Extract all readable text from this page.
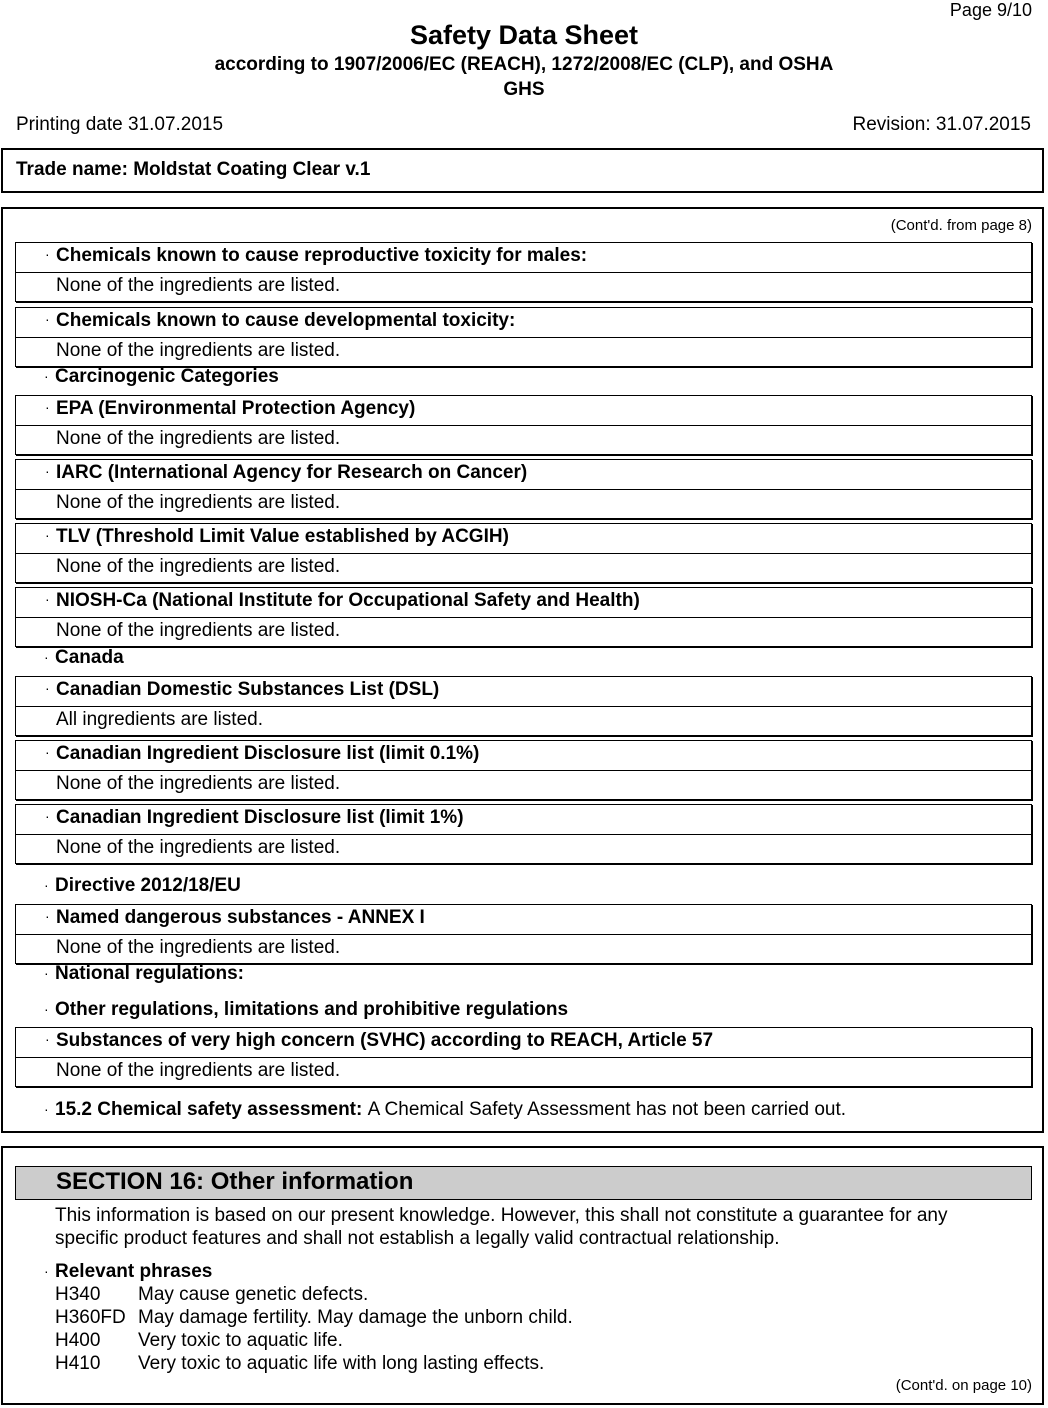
Page 9/10
Safety Data Sheet
according to 1907/2006/EC (REACH), 1272/2008/EC (CLP), and OSHA
GHS
Printing date 31.07.2015	Revision: 31.07.2015
Trade name: Moldstat Coating Clear v.1
(Cont'd. from page 8)
· Chemicals known to cause reproductive toxicity for males:
None of the ingredients are listed.
· Chemicals known to cause developmental toxicity:
None of the ingredients are listed.
· Carcinogenic Categories
· EPA (Environmental Protection Agency)
None of the ingredients are listed.
· IARC (International Agency for Research on Cancer)
None of the ingredients are listed.
· TLV (Threshold Limit Value established by ACGIH)
None of the ingredients are listed.
· NIOSH-Ca (National Institute for Occupational Safety and Health)
None of the ingredients are listed.
· Canada
· Canadian Domestic Substances List (DSL)
All ingredients are listed.
· Canadian Ingredient Disclosure list (limit 0.1%)
None of the ingredients are listed.
· Canadian Ingredient Disclosure list (limit 1%)
None of the ingredients are listed.
· Directive 2012/18/EU
· Named dangerous substances - ANNEX I
None of the ingredients are listed.
· National regulations:
· Other regulations, limitations and prohibitive regulations
· Substances of very high concern (SVHC) according to REACH, Article 57
None of the ingredients are listed.
· 15.2 Chemical safety assessment: A Chemical Safety Assessment has not been carried out.
SECTION 16: Other information
This information is based on our present knowledge. However, this shall not constitute a guarantee for any
specific product features and shall not establish a legally valid contractual relationship.
· Relevant phrases
H340 May cause genetic defects.
H360FD May damage fertility. May damage the unborn child.
H400 Very toxic to aquatic life.
H410 Very toxic to aquatic life with long lasting effects.
(Cont'd. on page 10)
